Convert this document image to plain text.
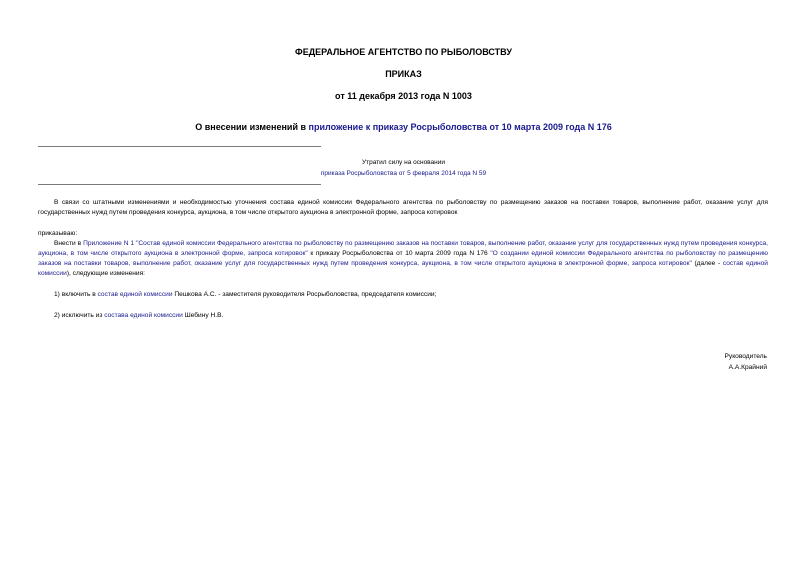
ФЕДЕРАЛЬНОЕ АГЕНТСТВО ПО РЫБОЛОВСТВУ
ПРИКАЗ
от 11 декабря 2013 года N 1003
О внесении изменений в приложение к приказу Росрыболовства от 10 марта 2009 года N 176
Утратил силу на основании
приказа Росрыболовства от 5 февраля 2014 года N 59
В связи со штатными изменениями и необходимостью уточнения состава единой комиссии Федерального агентства по рыболовству по размещению заказов на поставки товаров, выполнение работ, оказание услуг для государственных нужд путем проведения конкурса, аукциона, в том числе открытого аукциона в электронной форме, запроса котировок
приказываю:
Внести в Приложение N 1 "Состав единой комиссии Федерального агентства по рыболовству по размещению заказов на поставки товаров, выполнение работ, оказание услуг для государственных нужд путем проведения конкурса, аукциона, в том числе открытого аукциона в электронной форме, запроса котировок" к приказу Росрыболовства от 10 марта 2009 года N 176 "О создании единой комиссии Федерального агентства по рыболовству по размещению заказов на поставки товаров, выполнение работ, оказание услуг для государственных нужд путем проведения конкурса, аукциона, в том числе открытого аукциона в электронной форме, запроса котировок" (далее - состав единой комиссии), следующие изменения:
1) включить в состав единой комиссии Пешкова А.С. - заместителя руководителя Росрыболовства, председателя комиссии;
2) исключить из состава единой комиссии Шебину Н.В.
Руководитель
А.А.Крайний
